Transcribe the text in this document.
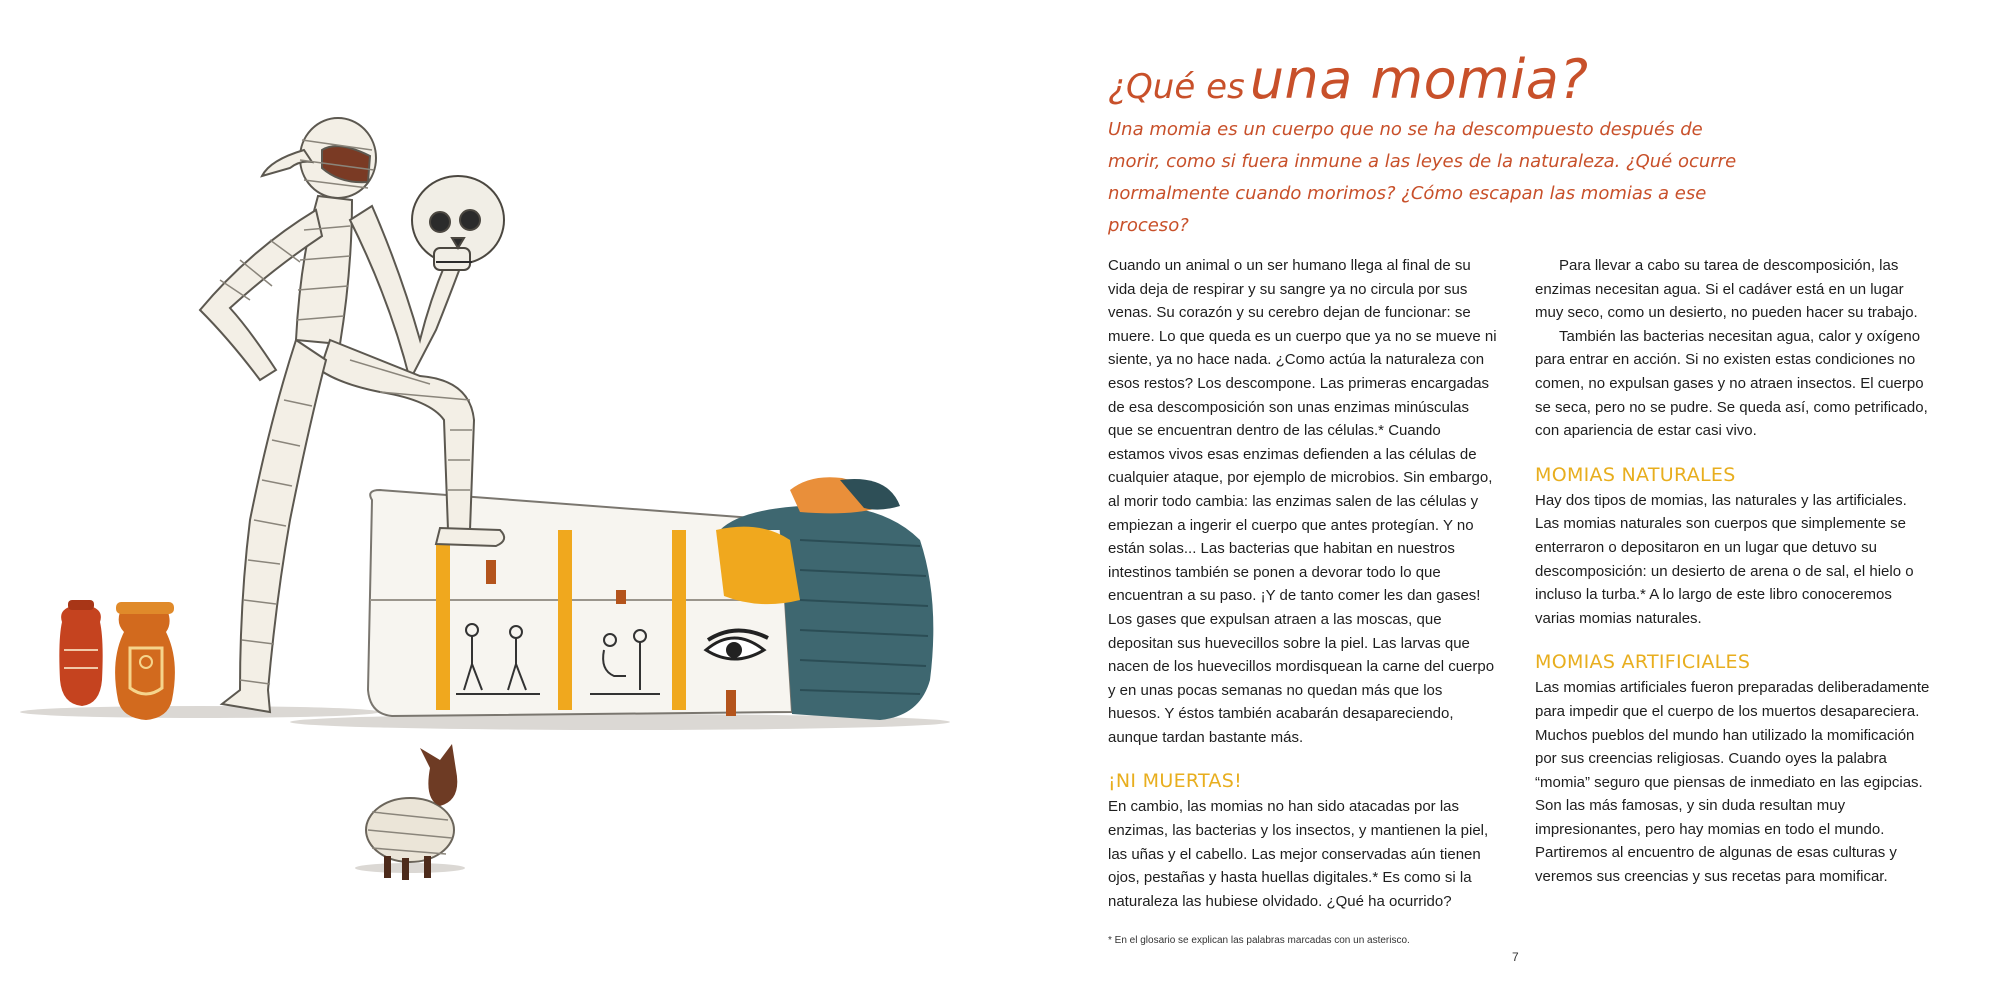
¿Qué es una momia?

Una momia es un cuerpo que no se ha descompuesto después de morir, como si fuera inmune a las leyes de la naturaleza. ¿Qué ocurre normalmente cuando morimos? ¿Cómo escapan las momias a ese proceso?

Cuando un animal o un ser humano llega al final de su vida deja de respirar y su sangre ya no circula por sus venas. Su corazón y su cerebro dejan de funcionar: se muere. Lo que queda es un cuerpo que ya no se mueve ni siente, ya no hace nada. ¿Como actúa la naturaleza con esos restos? Los descompone. Las primeras encargadas de esa descomposición son unas enzimas minúsculas que se encuentran dentro de las células.* Cuando estamos vivos esas enzimas defienden a las células de cualquier ataque, por ejemplo de microbios. Sin embargo, al morir todo cambia: las enzimas salen de las células y empiezan a ingerir el cuerpo que antes protegían. Y no están solas... Las bacterias que habitan en nuestros intestinos también se ponen a devorar todo lo que encuentran a su paso. ¡Y de tanto comer les dan gases! Los gases que expulsan atraen a las moscas, que depositan sus huevecillos sobre la piel. Las larvas que nacen de los huevecillos mordisquean la carne del cuerpo y en unas pocas semanas no quedan más que los huesos. Y éstos también acabarán desapareciendo, aunque tardan bastante más.

¡NI MUERTAS!

En cambio, las momias no han sido atacadas por las enzimas, las bacterias y los insectos, y mantienen la piel, las uñas y el cabello. Las mejor conservadas aún tienen ojos, pestañas y hasta huellas digitales.* Es como si la naturaleza las hubiese olvidado. ¿Qué ha ocurrido?

Para llevar a cabo su tarea de descomposición, las enzimas necesitan agua. Si el cadáver está en un lugar muy seco, como un desierto, no pueden hacer su trabajo.

También las bacterias necesitan agua, calor y oxígeno para entrar en acción. Si no existen estas condiciones no comen, no expulsan gases y no atraen insectos. El cuerpo se seca, pero no se pudre. Se queda así, como petrificado, con apariencia de estar casi vivo.

MOMIAS NATURALES

Hay dos tipos de momias, las naturales y las artificiales. Las momias naturales son cuerpos que simplemente se enterraron o depositaron en un lugar que detuvo su descomposición: un desierto de arena o de sal, el hielo o incluso la turba.* A lo largo de este libro conoceremos varias momias naturales.

MOMIAS ARTIFICIALES

Las momias artificiales fueron preparadas deliberadamente para impedir que el cuerpo de los muertos desapareciera. Muchos pueblos del mundo han utilizado la momificación por sus creencias religiosas. Cuando oyes la palabra “momia” seguro que piensas de inmediato en las egipcias. Son las más famosas, y sin duda resultan muy impresionantes, pero hay momias en todo el mundo. Partiremos al encuentro de algunas de esas culturas y veremos sus creencias y sus recetas para momificar.

* En el glosario se explican las palabras marcadas con un asterisco.
7
